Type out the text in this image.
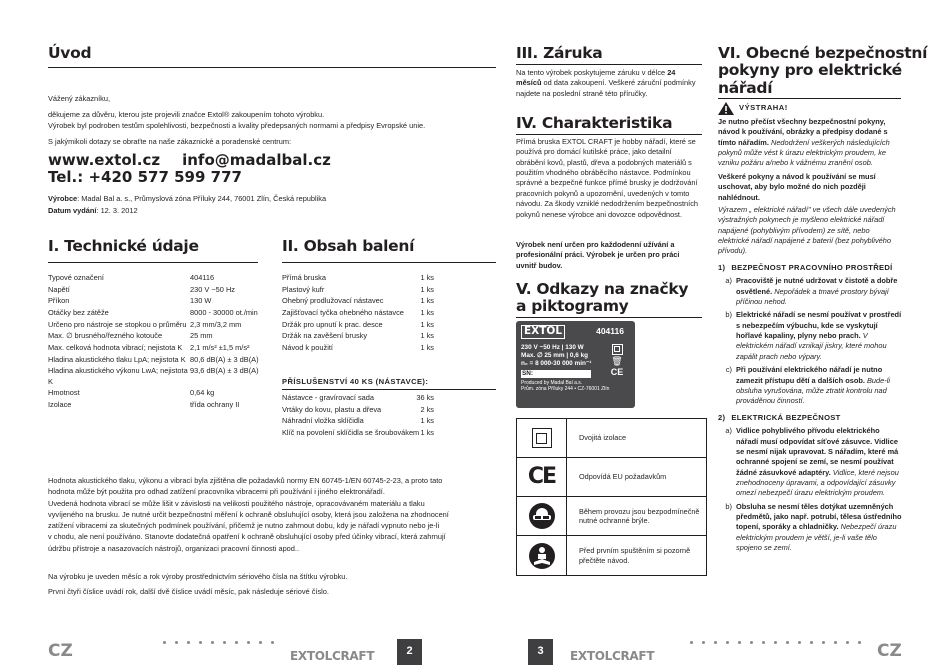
Úvod

Vážený zákazníku,

děkujeme za důvěru, kterou jste projevili značce Extol® zakoupením tohoto výrobku.

Výrobek byl podroben testům spolehlivosti, bezpečnosti a kvality předepsaných normami a předpisy Evropské unie.

S jakýmikoli dotazy se obraťte na naše zákaznické a poradenské centrum:

www.extol.cz info@madalbal.cz
Tel.: +420 577 599 777

Výrobce: Madal Bal a. s., Průmyslová zóna Příluky 244, 76001 Zlín, Česká republika

Datum vydání: 12. 3. 2012

I. Technické údaje
Typové označení	404116
Napětí	230 V ~50 Hz
Příkon	130 W
Otáčky bez zátěže	8000 - 30000 ot./min
Určeno pro nástroje se stopkou o průměru 2,3 mm/3,2 mm
Max. ∅ brusného/řezného kotouče	25 mm
Max. celková hodnota vibrací; nejistota K	2,1 m/s² ±1,5 m/s²
Hladina akustického tlaku LpA; nejistota K 80,6 dB(A) ± 3 dB(A)
Hladina akustického výkonu LwA; nejistota K
93,6 dB(A) ± 3 dB(A)
Hmotnost	0,64 kg
Izolace	třída ochrany II
II. Obsah balení
Přímá bruska	1 ks
Plastový kufr	1 ks
Ohebný prodlužovací nástavec	1 ks
Zajišťovací tyčka ohebného nástavce	1 ks
Držák pro upnutí k prac. desce	1 ks
Držák na zavěšení brusky	1 ks
Návod k použití	1 ks
PŘÍSLUŠENSTVÍ 40 KS (NÁSTAVCE):
Nástavce - gravírovací sada	36 ks
Vrtáky do kovu, plastu a dřeva	2 ks
Náhradní vložka sklíčidla	1 ks
Klíč na povolení sklíčidla se šroubovákem 1 ks
Hodnota akustického tlaku, výkonu a vibrací byla zjištěna dle požadavků normy EN 60745-1/EN 60745-2-23, a proto tato
hodnota může být použita pro odhad zatížení pracovníka vibracemi při používání i jiného elektronářadí.
Uvedená hodnota vibrací se může lišit v závislosti na velikosti použitého nástroje, opracovávaném materiálu a tlaku
vyvíjeného na brusku. Je nutné určit bezpečnostní měření k ochraně obsluhující osoby, která jsou založena na zhodnocení
zatížení vibracemi za skutečných podmínek používání, přičemž je nutno zahrnout dobu, kdy je nářadí vypnuto nebo je-li
v chodu, ale není používáno. Stanovte dodatečná opatření k ochraně obsluhující osoby před účinky vibrací, která zahrnují
údržbu přístroje a nasazovacích nástrojů, organizaci pracovní činnosti apod..
Na výrobku je uveden měsíc a rok výroby prostřednictvím sériového čísla na štítku výrobku.
První čtyři číslice uvádí rok, další dvě číslice uvádí měsíc, pak následuje sériové číslo.
CZ	EXTOLCRAFT	2
III. Záruka

Na tento výrobek poskytujeme záruku v délce 24 měsíců od data zakoupení. Veškeré záruční podmínky najdete na poslední straně této příručky.

IV. Charakteristika

Přímá bruska EXTOL CRAFT je hobby nářadí, které se používá pro domácí kutilské práce, jako detailní obrábění kovů, plastů, dřeva a podobných materiálů s použitím vhodného obráběcího nástavce. Podmínkou správné a bezpečné funkce přímé brusky je dodržování pracovních pokynů a upozornění, uvedených v tomto návodu. Za škody vzniklé nedodržením bezpečnostních pokynů nenese výrobce ani dovozce odpovědnost.

Výrobek není určen pro každodenní užívání a profesionální práci. Výrobek je určen pro práci uvnitř budov.

V. Odkazy na značky
a piktogramy
EXTOL	404116
230 V ~50 Hz | 130 W
Max. ∅ 25 mm | 0,6 kg
n₀ = 8 000-30 000 min⁻¹
SN:
🗑
CE
Produced by Madal Bal a.s.
Prům. zóna Příluky 244 • CZ-76001 Zlín
Dvojitá izolace
CE	Odpovídá EU požadavkům
Během provozu jsou bezpodmínečně nutné ochranné brýle.
Před prvním spuštěním si pozorně přečtěte návod.
VI. Obecné bezpečnostní
pokyny pro elektrické
nářadí
VÝSTRAHA!

Je nutno přečíst všechny bezpečnostní pokyny, návod k používání, obrázky a předpisy dodané s tímto nářadím. Nedodržení veškerých následujících pokynů může vést k úrazu elektrickým proudem, ke vzniku požáru a/nebo k vážnému zranění osob.

Veškeré pokyny a návod k používání se musí uschovat, aby bylo možné do nich později nahlédnout.

Výrazem „ elektrické nářadí" ve všech dále uvedených výstražných pokynech je myšleno elektrické nářadí napájené (pohyblivým přívodem) ze sítě, nebo elektrické nářadí napájené z baterií (bez pohyblivého přívodu).

1) BEZPEČNOST PRACOVNÍHO PROSTŘEDÍ
a) Pracoviště je nutné udržovat v čistotě a dobře osvětlené. Nepořádek a tmavé prostory bývají příčinou nehod.

b) Elektrické nářadí se nesmí používat v prostředí s nebezpečím výbuchu, kde se vyskytují hořlavé kapaliny, plyny nebo prach. V elektrickém nářadí vznikají jiskry, které mohou zapálit prach nebo výpary.

c) Při používání elektrického nářadí je nutno zamezit přístupu dětí a dalších osob. Bude-li obsluha vyrušována, může ztratit kontrolu nad prováděnou činností.

2) ELEKTRICKÁ BEZPEČNOST
a) Vidlice pohyblivého přívodu elektrického nářadí musí odpovídat síťové zásuvce. Vidlice se nesmí nijak upravovat. S nářadím, které má ochranné spojení se zemí, se nesmí používat žádné zásuvkové adaptéry. Vidlice, které nejsou znehodnoceny úpravami, a odpovídající zásuvky omezí nebezpečí úrazu elektrickým proudem.

b) Obsluha se nesmí těles dotýkat uzemněných předmětů, jako např. potrubí, tělesa ústředního topení, sporáky a chladničky. Nebezpečí úrazu elektrickým proudem je větší, je-li vaše tělo spojeno se zemí.

3	EXTOLCRAFT	CZ
